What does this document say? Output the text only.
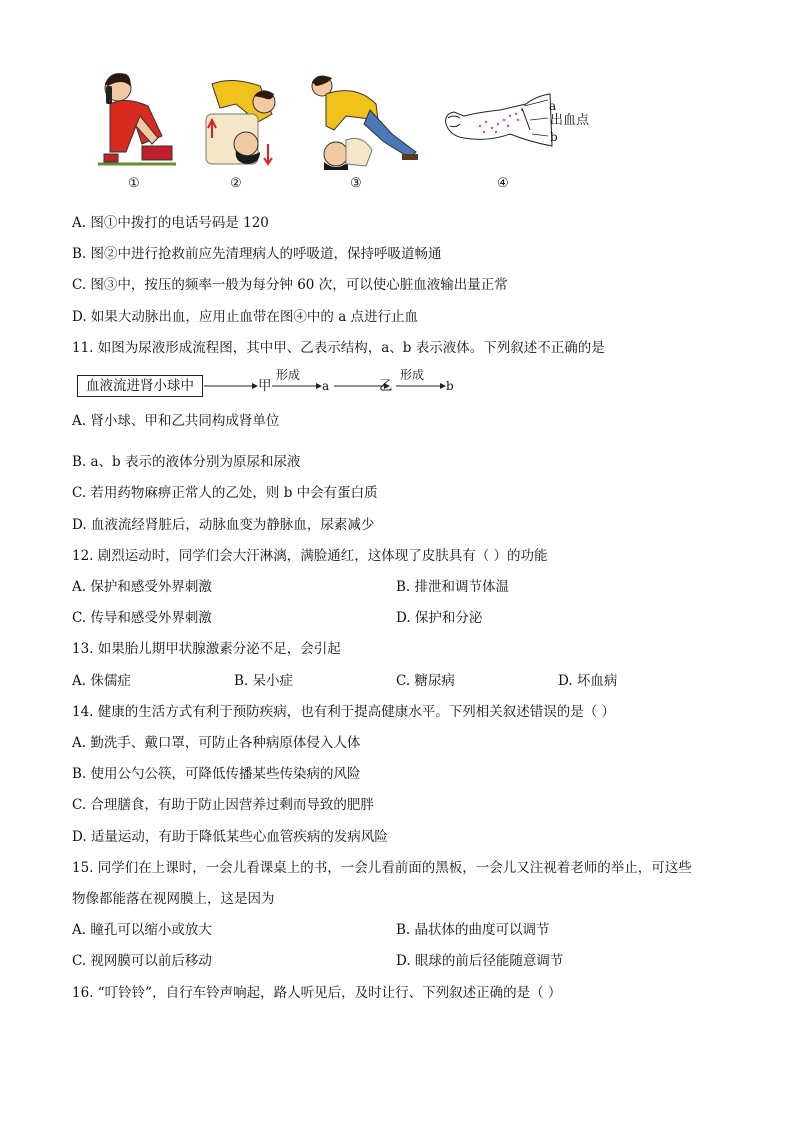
①	②	③
a
出血点
b
④
A. 图①中拨打的电话号码是 120
B. 图②中进行抢救前应先清理病人的呼吸道，保持呼吸道畅通
C. 图③中，按压的频率一般为每分钟 60 次，可以使心脏血液输出量正常
D. 如果大动脉出血，应用止血带在图④中的 a 点进行止血
11. 如图为尿液形成流程图，其中甲、乙表示结构，a、b 表示液体。下列叙述不正确的是
血液流进肾小球中	甲
形成
a	乙
形成
b
A. 肾小球、甲和乙共同构成肾单位
B. a、b 表示的液体分别为原尿和尿液
C. 若用药物麻痹正常人的乙处，则 b 中会有蛋白质
D. 血液流经肾脏后，动脉血变为静脉血，尿素减少
12. 剧烈运动时，同学们会大汗淋漓，满脸通红，这体现了皮肤具有（ ）的功能
A. 保护和感受外界刺激	B. 排泄和调节体温
C. 传导和感受外界刺激	D. 保护和分泌
13. 如果胎儿期甲状腺激素分泌不足，会引起
A. 侏儒症	B. 呆小症	C. 糖尿病	D. 坏血病
14. 健康的生活方式有利于预防疾病，也有利于提高健康水平。下列相关叙述错误的是（ ）
A. 勤洗手、戴口罩，可防止各种病原体侵入人体
B. 使用公勺公筷，可降低传播某些传染病的风险
C. 合理膳食，有助于防止因营养过剩而导致的肥胖
D. 适量运动，有助于降低某些心血管疾病的发病风险
15. 同学们在上课时，一会儿看课桌上的书，一会儿看前面的黑板，一会儿又注视着老师的举止，可这些
物像都能落在视网膜上，这是因为
A. 瞳孔可以缩小或放大	B. 晶状体的曲度可以调节
C. 视网膜可以前后移动	D. 眼球的前后径能随意调节
16. “叮铃铃”，自行车铃声响起，路人听见后，及时让行、下列叙述正确的是（ ）
